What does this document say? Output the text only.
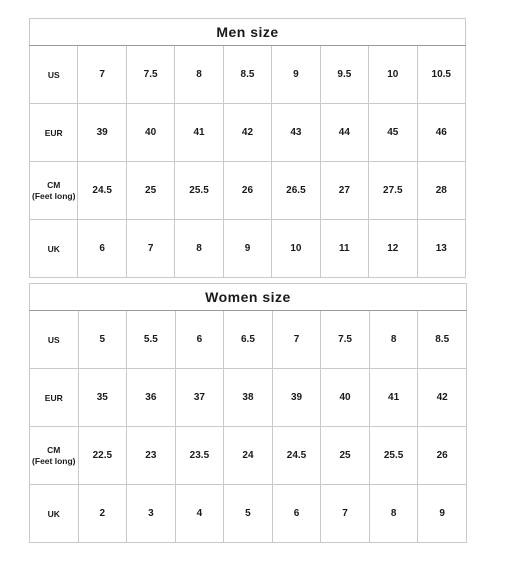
Men size								

US	7	7.5	8	8.5	9	9.5	10	10.5

EUR	39	40	41	42	43	44	45	46

CM
(Feet long)	24.5	25	25.5	26	26.5	27	27.5	28

UK	6	7	8	9	10	11	12	13
Women size								

US	5	5.5	6	6.5	7	7.5	8	8.5

EUR	35	36	37	38	39	40	41	42

CM
(Feet long)	22.5	23	23.5	24	24.5	25	25.5	26

UK	2	3	4	5	6	7	8	9
